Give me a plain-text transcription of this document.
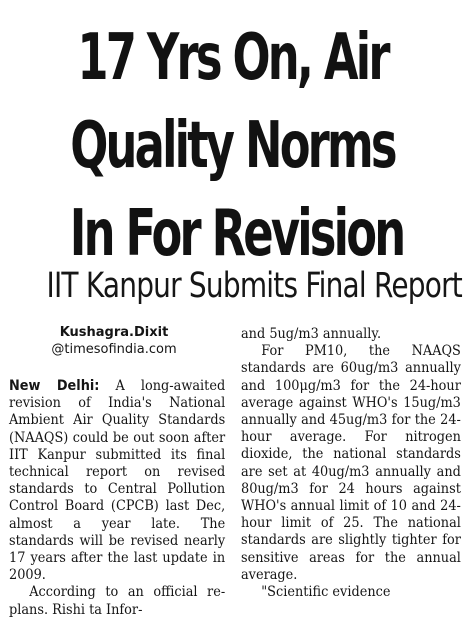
17 Yrs On, Air
Quality Norms
In For Revision
IIT Kanpur Submits Final Report
Kushagra.Dixit
@timesofindia.com

New Delhi: A long-awaited revision of India's National Ambient Air Quality Standards (NAAQS) could be out soon after IIT Kanpur submitted its final technical report on revised standards to Central Pollution Control Board (CPCB) last Dec, almost a year late. The standards will be revised nearly 17 years after the last update in 2009.

According to an official re- plans. Rishi ta Infor-

and 5ug/m3 annually.

For PM10, the NAAQS standards are 60ug/m3 annually and 100μg/m3 for the 24-hour average against WHO's 15ug/m3 annually and 45ug/m3 for the 24-hour average. For nitrogen dioxide, the national standards are set at 40ug/m3 annually and 80ug/m3 for 24 hours against WHO's annual limit of 10 and 24-hour limit of 25. The national standards are slightly tighter for sensitive areas for the annual average.

"Scientific evidence
